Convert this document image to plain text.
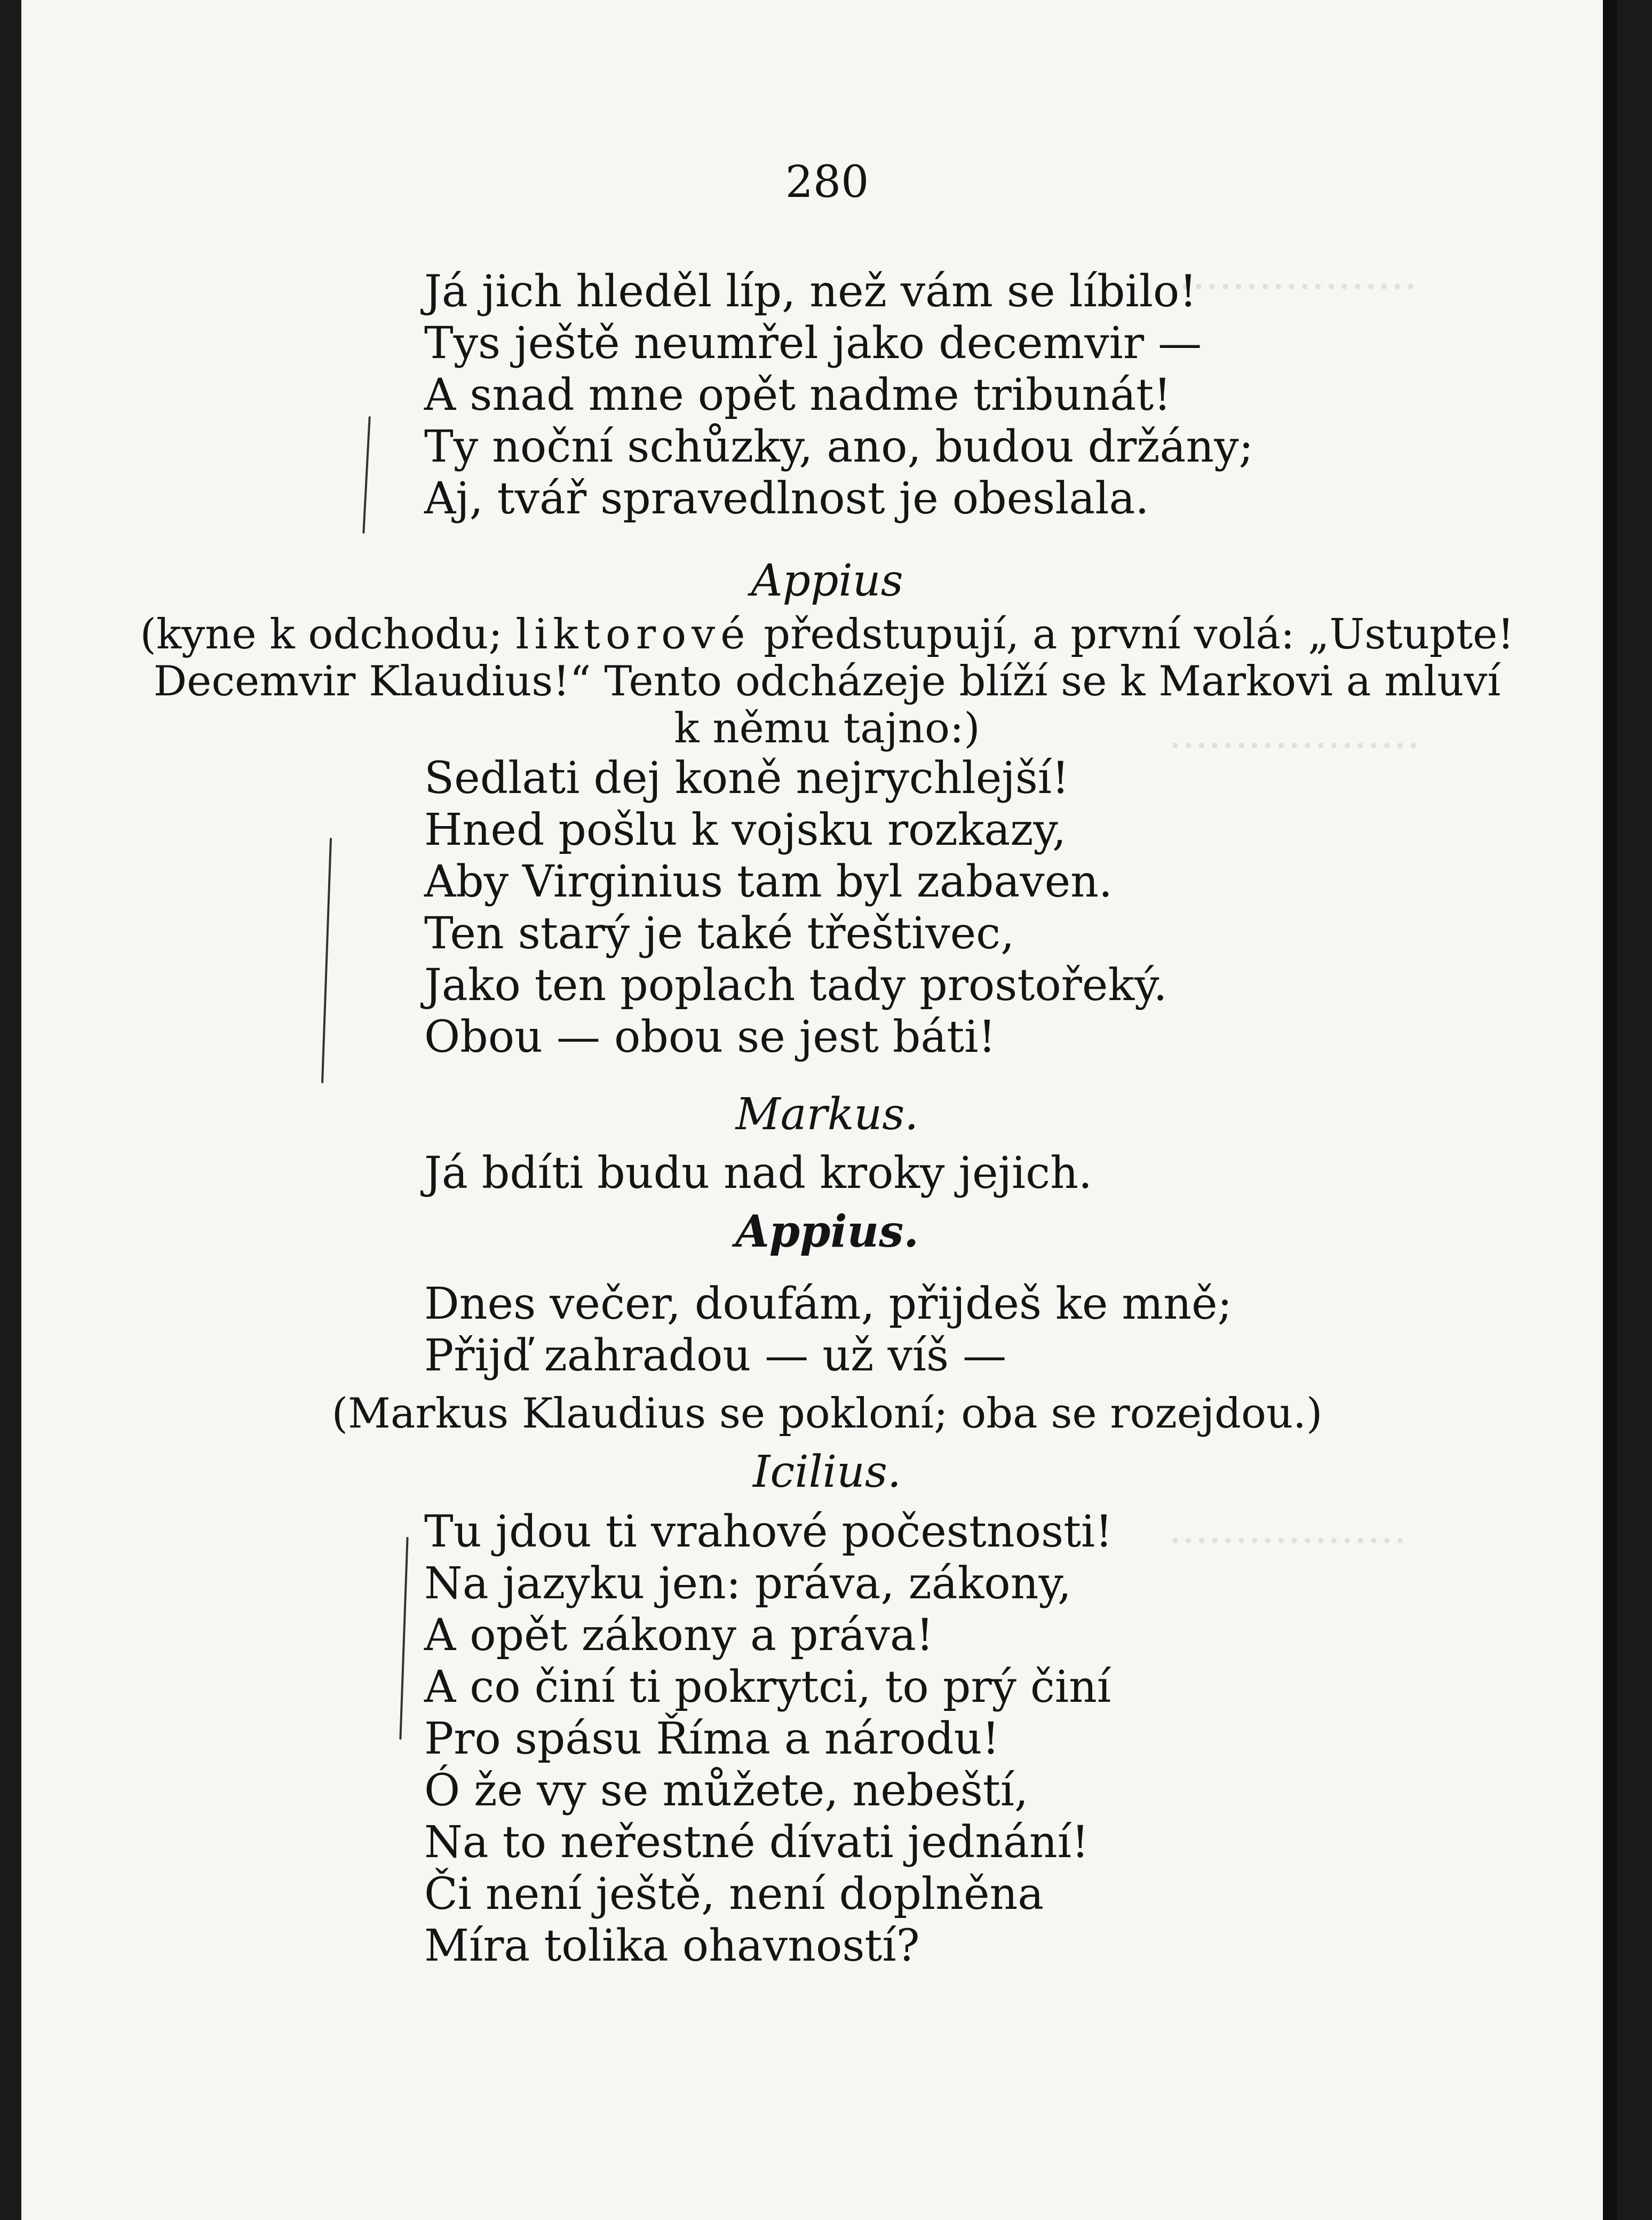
....................
...................
..................
280
Já jich hleděl líp, než vám se líbilo!
Tys ještě neumřel jako decemvir —
A snad mne opět nadme tribunát!
Ty noční schůzky, ano, budou držány;
Aj, tvář spravedlnost je obeslala.
Appius
(kyne k odchodu; liktorové předstupují, a první volá: „Ustupte!
Decemvir Klaudius!“ Tento odcházeje blíží se k Markovi a mluví
k němu tajno:)
Sedlati dej koně nejrychlejší!
Hned pošlu k vojsku rozkazy,
Aby Virginius tam byl zabaven.
Ten starý je také třeštivec,
Jako ten poplach tady prostořeký.
Obou — obou se jest báti!
Markus.
Já bdíti budu nad kroky jejich.
Appius.
Dnes večer, doufám, přijdeš ke mně;
Přijď zahradou — už víš —
(Markus Klaudius se pokloní; oba se rozejdou.)
Icilius.
Tu jdou ti vrahové počestnosti!
Na jazyku jen: práva, zákony,
A opět zákony a práva!
A co činí ti pokrytci, to prý činí
Pro spásu Říma a národu!
Ó že vy se můžete, nebeští,
Na to neřestné dívati jednání!
Či není ještě, není doplněna
Míra tolika ohavností?
